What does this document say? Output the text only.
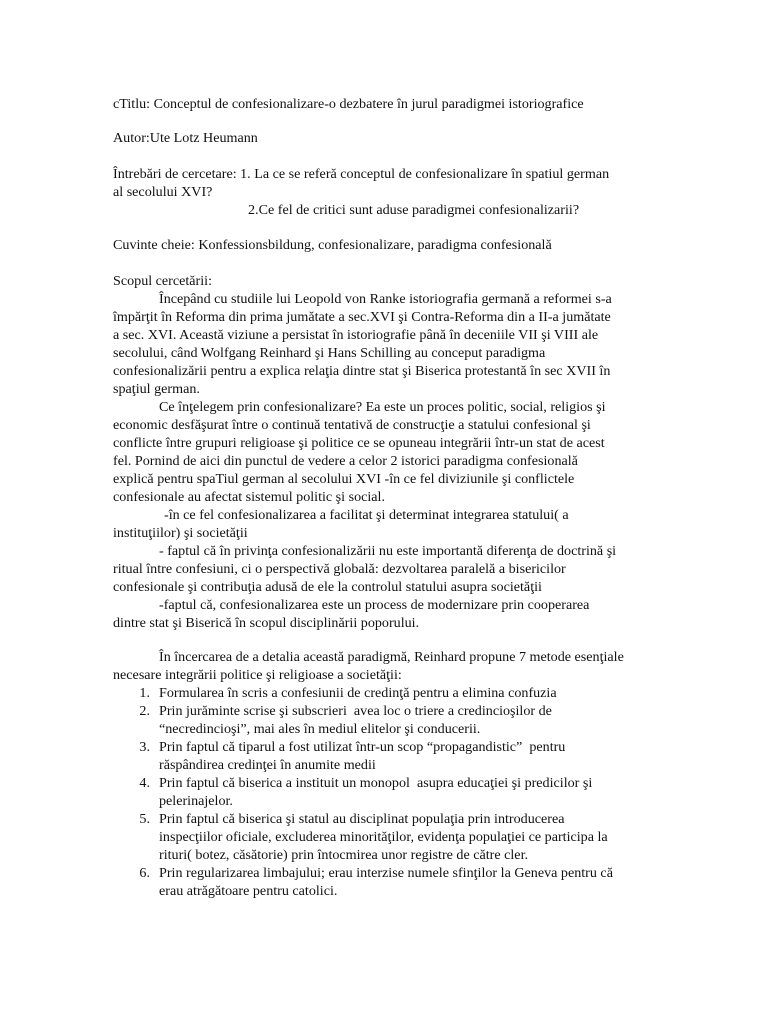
cTitlu: Conceptul de confesionalizare-o dezbatere în jurul paradigmei istoriografice
Autor:Ute Lotz Heumann
Întrebări de cercetare: 1. La ce se referă conceptul de confesionalizare în spatiul german
al secolului XVI?
2.Ce fel de critici sunt aduse paradigmei confesionalizarii?
Cuvinte cheie: Konfessionsbildung, confesionalizare, paradigma confesională
Scopul cercetării:
Începând cu studiile lui Leopold von Ranke istoriografia germană a reformei s-a
împărţit în Reforma din prima jumătate a sec.XVI şi Contra-Reforma din a II-a jumătate
a sec. XVI. Această viziune a persistat în istoriografie până în deceniile VII şi VIII ale
secolului, când Wolfgang Reinhard şi Hans Schilling au conceput paradigma
confesionalizării pentru a explica relaţia dintre stat şi Biserica protestantă în sec XVII în
spaţiul german.
Ce înţelegem prin confesionalizare? Ea este un proces politic, social, religios şi
economic desfăşurat între o continuă tentativă de construcţie a statului confesional şi
conflicte între grupuri religioase şi politice ce se opuneau integrării într-un stat de acest
fel. Pornind de aici din punctul de vedere a celor 2 istorici paradigma confesională
explică pentru spaTiul german al secolului XVI -în ce fel diviziunile şi conflictele
confesionale au afectat sistemul politic şi social.
-în ce fel confesionalizarea a facilitat şi determinat integrarea statului( a
instituţiilor) şi societăţii
- faptul că în privinţa confesionalizării nu este importantă diferenţa de doctrină şi
ritual între confesiuni, ci o perspectivă globală: dezvoltarea paralelă a bisericilor
confesionale şi contribuţia adusă de ele la controlul statului asupra societăţii
-faptul că, confesionalizarea este un process de modernizare prin cooperarea
dintre stat şi Biserică în scopul disciplinării poporului.
În încercarea de a detalia această paradigmă, Reinhard propune 7 metode esenţiale
necesare integrării politice şi religioase a societăţii:
1. Formularea în scris a confesiunii de credinţă pentru a elimina confuzia
2. Prin jurăminte scrise şi subscrieri  avea loc o triere a credincioşilor de
“necredincioşi”, mai ales în mediul elitelor şi conducerii.
3. Prin faptul că tiparul a fost utilizat într-un scop “propagandistic”  pentru
răspândirea credinţei în anumite medii
4. Prin faptul că biserica a instituit un monopol  asupra educaţiei şi predicilor şi
pelerinajelor.
5. Prin faptul că biserica şi statul au disciplinat populaţia prin introducerea
inspecţiilor oficiale, excluderea minorităţilor, evidenţa populaţiei ce participa la
rituri( botez, căsătorie) prin întocmirea unor registre de către cler.
6. Prin regularizarea limbajului; erau interzise numele sfinţilor la Geneva pentru că
erau atrăgătoare pentru catolici.
